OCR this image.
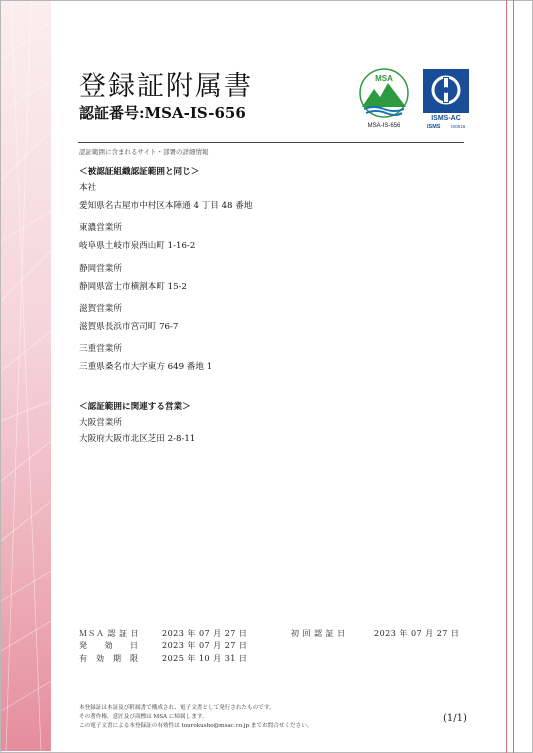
登録証附属書
認証番号:MSA-IS-656
MSA
MSA-IS-656
ISMS-AC
ISMS IS0016
認証範囲に含まれるサイト・部署の詳細情報
＜被認証組織認証範囲と同じ＞
本社
愛知県名古屋市中村区本陣通 4 丁目 48 番地
東濃営業所
岐阜県土岐市泉西山町 1-16-2
静岡営業所
静岡県富士市横割本町 15-2
滋賀営業所
滋賀県長浜市宮司町 76-7
三重営業所
三重県桑名市大字東方 649 番地 1
＜認証範囲に関連する営業＞
大阪営業所
大阪府大阪市北区芝田 2-8-11
ＭＳＡ 認 証 日	2023 年 07 月 27 日	初 回 認 証 日	2023 年 07 月 27 日
発　　効　　日	2023 年 07 月 27 日
有　効　期　限	2025 年 10 月 31 日
本登録証は本証及び附属書で構成され、電子文書として発行されたものです。
その著作権、意匠及び商標は MSA に帰属します。
この電子文書による本登録証の有効性は tourokusho@msac.co.jp までお問合せください。
(1/1)
